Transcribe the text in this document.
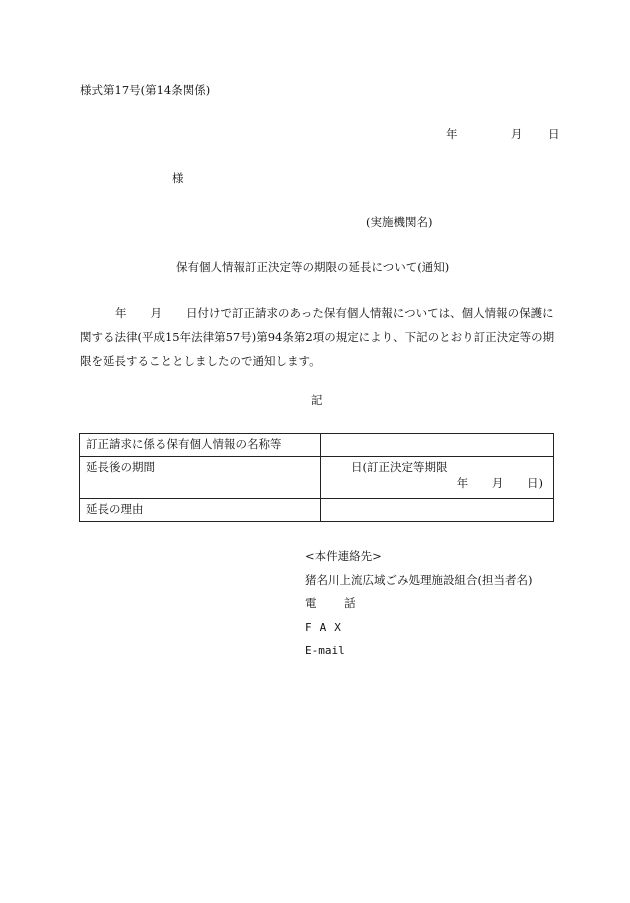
様式第17号(第14条関係)
年	月 日
様
(実施機関名)
保有個人情報訂正決定等の期限の延長について(通知)
年 月 日付けで訂正請求のあった保有個人情報については、個人情報の保護に関する法律(平成15年法律第57号)第94条第2項の規定により、下記のとおり訂正決定等の期限を延長することとしましたので通知します。
記
訂正請求に係る保有個人情報の名称等	
延長後の期間	日(訂正決定等期限
年 月 日)

延長の理由	
<本件連絡先>
猪名川上流広域ごみ処理施設組合(担当者名)
電 話
FAX
E-mail
